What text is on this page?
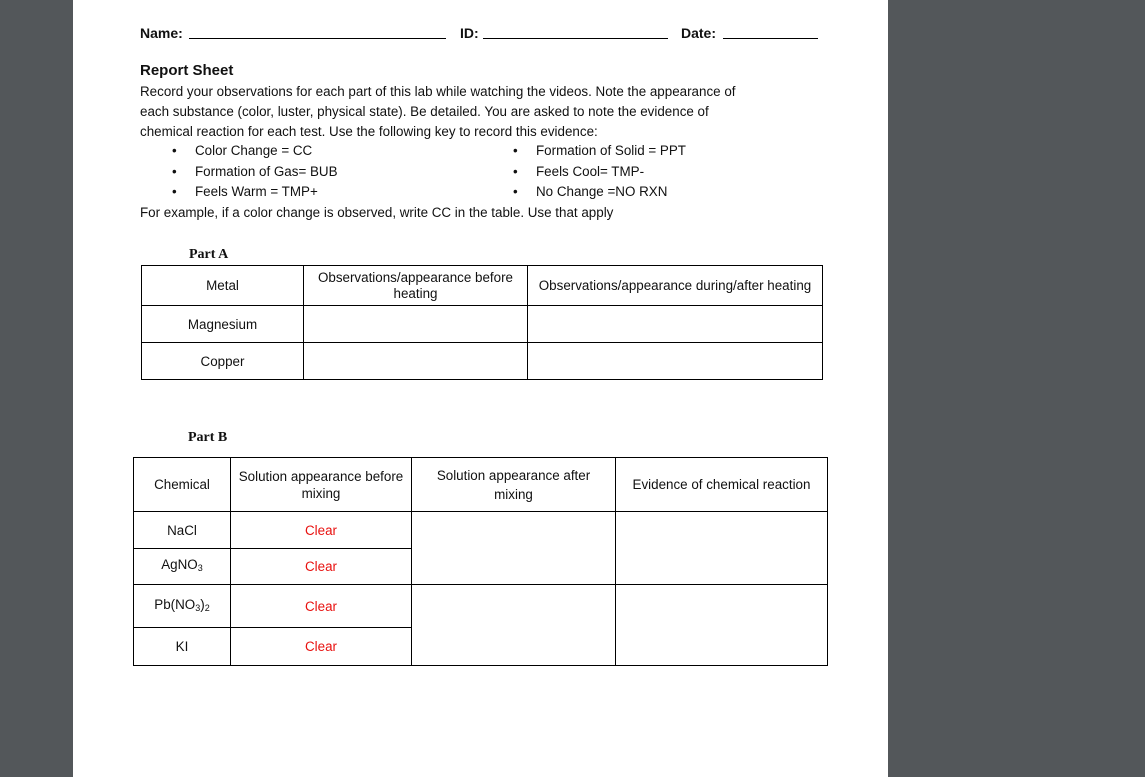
Name:	ID:	Date:
Report Sheet
Record your observations for each part of this lab while watching the videos. Note the appearance of
each substance (color, luster, physical state). Be detailed. You are asked to note the evidence of
chemical reaction for each test. Use the following key to record this evidence:
• Color Change = CC	• Formation of Solid = PPT
• Formation of Gas= BUB	• Feels Cool= TMP-
• Feels Warm = TMP+	• No Change =NO RXN
For example, if a color change is observed, write CC in the table. Use that apply
Part A
Metal	Observations/appearance before heating	Observations/appearance during/after heating
Magnesium		
Copper		
Part B
Chemical	Solution appearance before mixing	Solution appearance after mixing	Evidence of chemical reaction
NaCl	Clear		
AgNO$_3$	Clear		
$Pb(NO_3)_2$	Clear		
KI	Clear		
